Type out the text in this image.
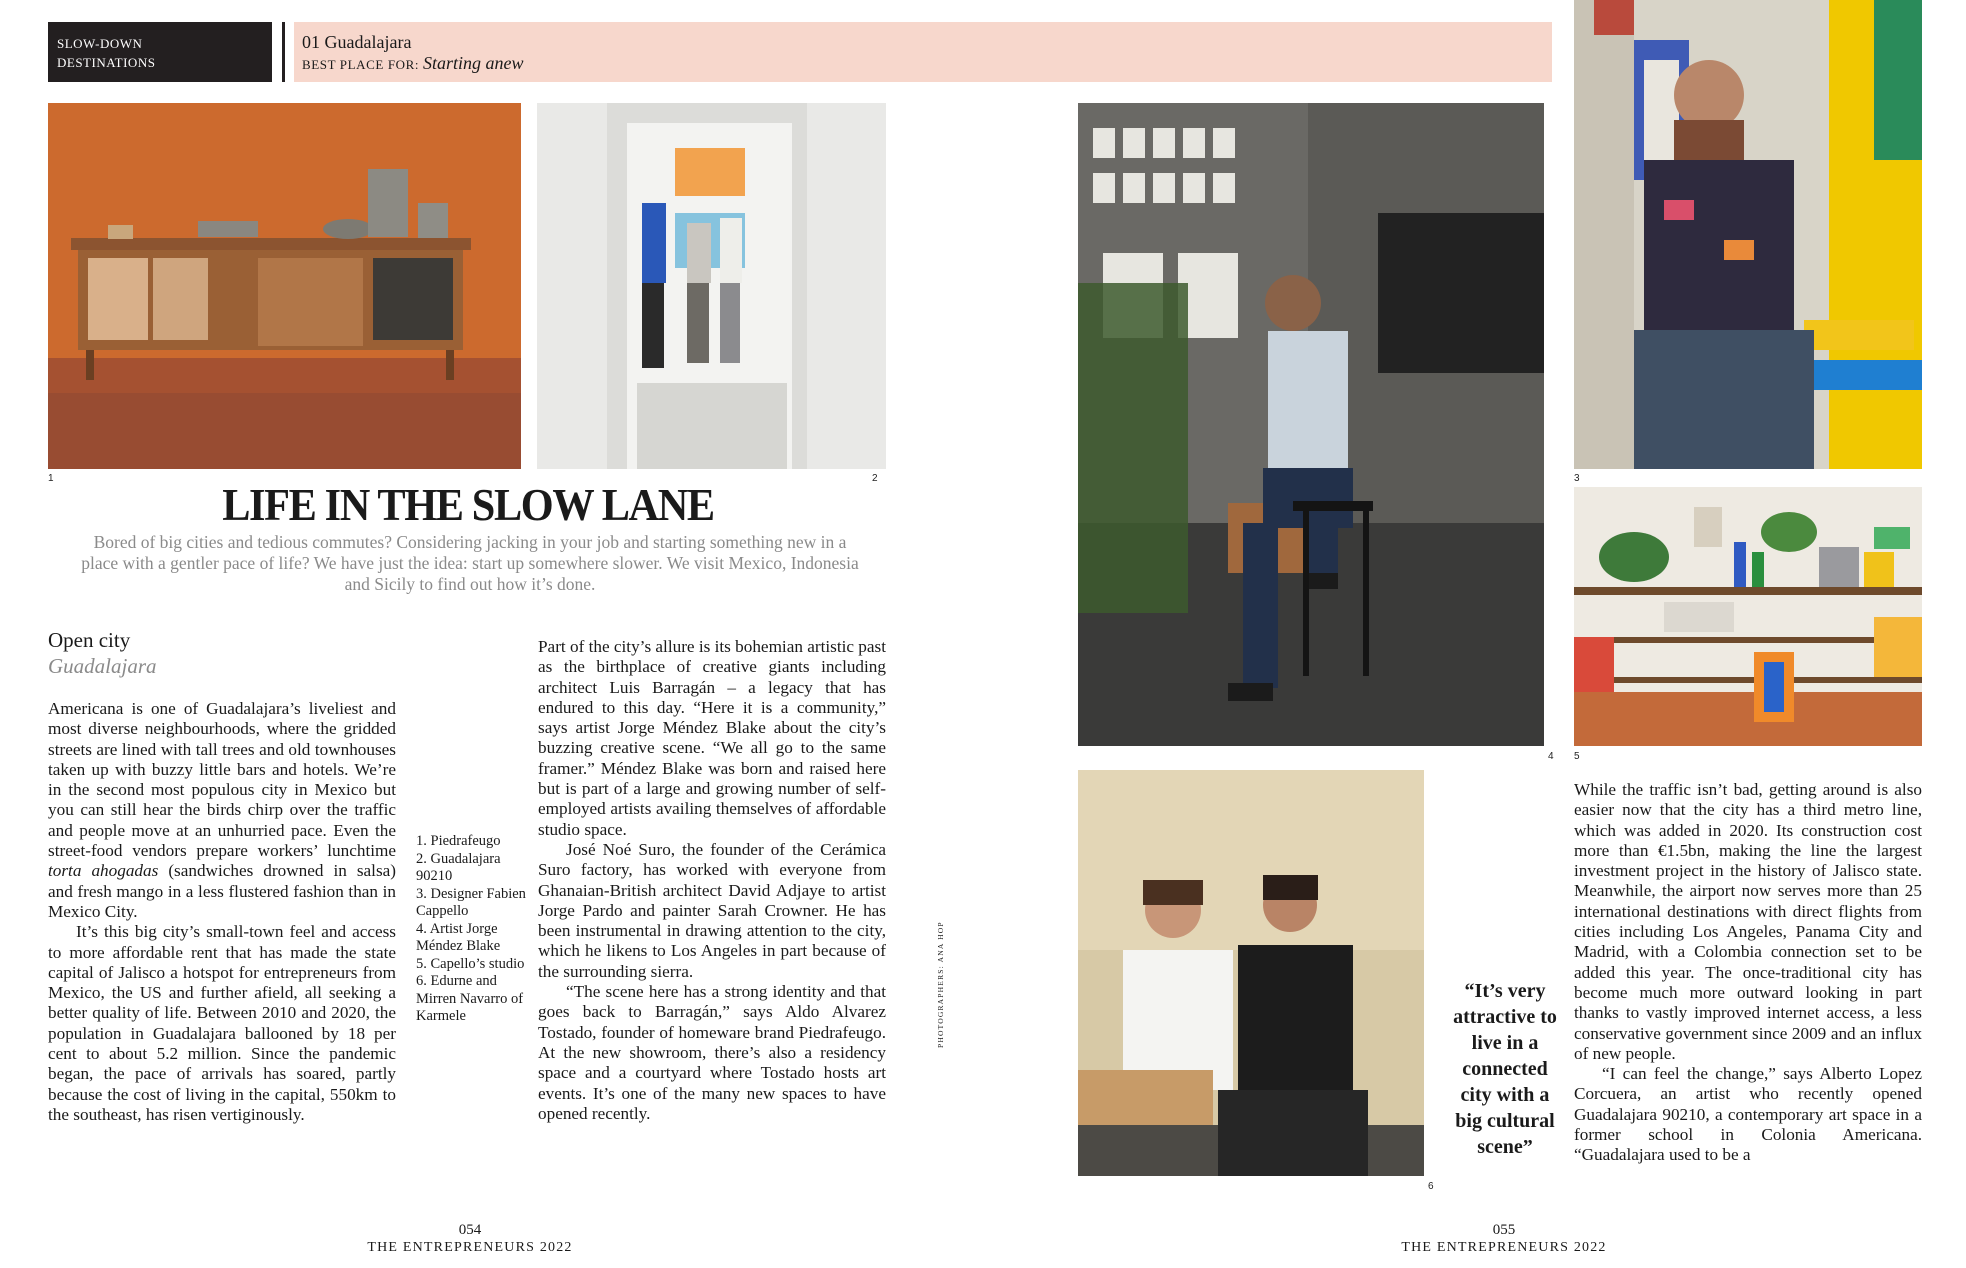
SLOW-DOWN
DESTINATIONS
01 Guadalajara
BEST PLACE FOR: Starting anew
1	2
4
3
5
6
LIFE IN THE SLOW LANE
Bored of big cities and tedious commutes? Considering jacking in your job and starting something new in a place with a gentler pace of life? We have just the idea: start up somewhere slower. We visit Mexico, Indonesia and Sicily to find out how it’s done.
Open city
Guadalajara

Americana is one of Guadalajara’s liveliest and most diverse neighbourhoods, where the gridded streets are lined with tall trees and old townhouses taken up with buzzy little bars and hotels. We’re in the second most populous city in Mexico but you can still hear the birds chirp over the traffic and people move at an unhurried pace. Even the street-food vendors prepare workers’ lunchtime torta ahogadas (sandwiches drowned in salsa) and fresh mango in a less flustered fashion than in Mexico City.

It’s this big city’s small-town feel and access to more affordable rent that has made the state capital of Jalisco a hotspot for entrepreneurs from Mexico, the US and further afield, all seeking a better quality of life. Between 2010 and 2020, the population in Guadalajara ballooned by 18 per cent to about 5.2 million. Since the pandemic began, the pace of arrivals has soared, partly because the cost of living in the capital, 550km to the southeast, has risen vertiginously.

1. Piedrafeugo
2. Guadalajara 90210
3. Designer Fabien Cappello
4. Artist Jorge Méndez Blake
5. Capello’s studio
6. Edurne and Mirren Navarro of Karmele

Part of the city’s allure is its bohemian artistic past as the birthplace of creative giants including architect Luis Barragán – a legacy that has endured to this day. “Here it is a community,” says artist Jorge Méndez Blake about the city’s buzzing creative scene. “We all go to the same framer.” Méndez Blake was born and raised here but is part of a large and growing number of self-employed artists availing themselves of affordable studio space.

José Noé Suro, the founder of the Cerámica Suro factory, has worked with everyone from Ghanaian-British architect David Adjaye to artist Jorge Pardo and painter Sarah Crowner. He has been instrumental in drawing attention to the city, which he likens to Los Angeles in part because of the surrounding sierra.

“The scene here has a strong identity and that goes back to Barragán,” says Aldo Alvarez Tostado, founder of homeware brand Piedrafeugo. At the new showroom, there’s also a residency space and a courtyard where Tostado hosts art events. It’s one of the many new spaces to have opened recently.

PHOTOGRAPHERS: ANA HOP	“It’s very attractive to live in a connected city with a big cultural scene”

While the traffic isn’t bad, getting around is also easier now that the city has a third metro line, which was added in 2020. Its construction cost more than €1.5bn, making the line the largest investment project in the history of Jalisco state. Meanwhile, the airport now serves more than 25 international destinations with direct flights from cities including Los Angeles, Panama City and Madrid, with a Colombia connection set to be added this year. The once-traditional city has become much more outward looking in part thanks to vastly improved internet access, a less conservative government since 2009 and an influx of new people.

“I can feel the change,” says Alberto Lopez Corcuera, an artist who recently opened Guadalajara 90210, a contemporary art space in a former school in Colonia Americana. “Guadalajara used to be a

054
THE ENTREPRENEURS 2022
055
THE ENTREPRENEURS 2022
